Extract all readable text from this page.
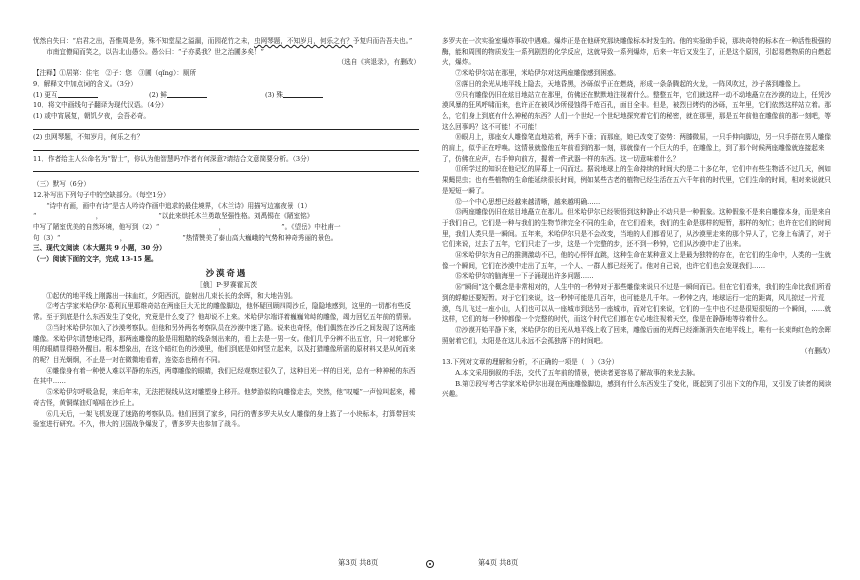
忧然自失曰：“启君之出，吾惟周是务，殊不知堂屋之溢漏，而园花竹之未，虫网琴题，不知岁月，何乐之有？予复归而告吾夫也。”

市南宜僚闻而笑之，以告北山愚公。愚公曰：“子亦奚我？世之治圃多矣！”

（选自《宾退录》，有删改）

【注释】①居第：住宅　②子：您　③圃（qǐng）：厕所

9．解释文中加点词的含义。（3分）

(1) 更互	(2) 鲜	(3) 殊

10．将文中画线句子翻译为现代汉语。（4分）

(1) 或中宵展复，朝饥夕夜，会吾必奇。

(2) 虫网琴题，不知岁月，何乐之有？

11．作者给主人公命名为“智士”，你认为他智慧吗?作者有何深意?请结合文意简要分析。（3分）

（三）默写（6分）

12.补写出下列句子中的空缺部分。（每空1分）

“诗中有画，画中有诗”是古人吟诗作画中追求的最佳境界，《木兰诗》用描写边塞夜景（1）

“　　　　　　　　　，　　　　　　　　　”以此来烘托木兰勇敢坚强性格。刘禹锡在《陋室铭》

中写了陋室优美的自然环境，他写到（2）“　　　　　　　　　，　　　　　　　　　”。《望岳》中杜甫一

句（3）“　　　　　　　　　，　　　　　　　　　”热情赞美了泰山高大巍峨的气势和神奇秀丽的景色。

三、现代文阅读（本大题共 9 小题，30 分）

（一）阅读下面的文字，完成 13-15 题。

沙漠奇遇

［俄］P·罗赛霍瓦茨

①起伏的地平线上刚露出一抹血红，夕阳西沉，旋射出几束长长的余晖，和大地告别。

②考古学家米哈伊尔·葛利瓦里耶维奇站在两座巨大无比的雕像脚边，他怀疑回顾四周沙丘，隐隐地感到，这里的一切都有些反常。至于到底是什么东西发生了变化，究竟是什么变了？他却说不上来。米哈伊尔端详着巍巍耸峙的雕像，竭力回忆五年前的情景。

③当时米哈伊尔加入了沙漠考察队。但他和另外两名考察队员在沙漠中迷了路。说来也奇怪，他们偶然在沙丘之间发现了这两座雕像。米哈伊尔清楚地记得，那两座雕像的脸是用粗糙的线条刻出来的，看上去是一男一女。他们几乎分辨不出五官，只一对轮廓分明的眼睛显得格外醒目。根本想象出，在这个暗红色的沙漠里，他们到底是如何竖立起来，以及打猎雕像所需的原材料又是从何而来的呢？目光炯炯，不止是一对在微微地看着，连姿态也稍有不同。

④雕像身有着一种使人难以平静的东西，两尊雕像的眼睛，我们已经观察过很久了，这种目光一样的目光，总有一种神秘的东西在其中……

⑤米哈伊尔呼吸急促，来后年末，无法把视线从这对雕塑身上移开。他梦游似的向雕像走去，突然，他“叹嘘”一声惊叫起来，稀奇古怪，黄铜煤油灯嘻嘻在沙丘上。

⑥几天后，一架飞机发现了迷路的考察队员。他们回到了家乡，同行的曹多罗夫从女人雕像的身上拣了一小块标本，打算带回实验室进行研究。不久，伟大的卫国战争爆发了，曹多罗夫也参加了战斗。

多罗夫在一次实验室爆炸事故中遇难。爆炸正是在他研究那块雕像标本时发生的。他的实验助手说，那块奇特的标本在一种活性极强的酶，能和周围的物质发生一系列剧烈的化学反应，这就导致一系列爆炸，后来一年后又发生了，正是这个原因，引起易燃物质的自燃起火，爆炸。

⑦米哈伊尔站在那里，米哈伊尔对这两座雕像感到困惑。

⑧落日的余光从地平线上隐去，天地昏黑，沙砾似乎正在燃烧，形成一条条腾起的火龙，一阵风吹过，沙子落到雕像上。

⑨只有雕像仍旧在炫目地站立在那里，仿佛还在默默地注视着什么。整整五年，它们就这样一动不动地矗立在沙漠的边上，任凭沙漠风暴的狂风呼啸而来，也许正在被风沙所侵蚀得千疮百孔，面目全非。但是，被烈日烤灼的沙砾，五年里，它们依然这样站立着。那么，它们身上到底有什么神秘的东西？人们一个世纪一个世纪地探究着它们的秘密，就在那里，那是五年前他在雕像前的那一刻吧，等这么回事吗？这不可能！不可能！

⑩眼月上，那座女人雕像笔直地站着，两手下垂；而那座，她已改变了姿势：两膝微屈，一只手伸向脚边，另一只手搭在男人雕像的肩上，似乎正在呼唤。这情景就像他五年前看到的那一刻，那就像有一个巨大的手，在雕像上，到了那个时候两座雕像就连接起来了，仿佛在应声，右手伸向前方，握着一件武器一样的东西。这一切意味着什么？

⑪所学过的知识在他记忆的屏幕上一闪而过。据说地球上的生命持续的时间大约是二十多亿年，它们中有些生物活不过几天，例如果蝇昆虫；也有些植物的生命能延续很长时间，例如某些古老的植物已经生活在五六千年前的时代里，它们生命的时间，相对来说就只是短短一瞬了。

⑫一个中心思想已经越来越清晰，越来越明确……

⑬两座雕像仍旧在炫目地矗立在那儿。但米哈伊尔已经领悟到这种静止不动只是一种假象。这种假象不是来自雕像本身，而是来自于我们自己，它们是一种与我们的生物节律完全不同的生命，在它们看来，我们的生命是那样的短暂，那样的匆忙；也许在它们的时间里，我们人类只是一瞬间。五年来，米哈伊尔只是不会改变，当地的人们都看见了，从沙漠里走来的那个异人了，它身上布满了，对于它们来说，过去了五年，它们只走了一步，这是一个完整的步，还不到一秒钟，它们从沙漠中走了出来。

⑭米哈伊尔为自己的推测激动不已，他的心怦怦直跳，这种生命在某种意义上是最为独特的存在，在它们的生命中，人类的一生就像一个瞬间，它们在沙漠中走出了五年，一个人、一群人都已经死了。他对自己说，也许它们也会发现我们……

⑮米哈伊尔的脑海里一下子涌现出许多问题……

⑯“瞬间”这个概念是非常相对的，人生中的一秒钟对于那些雕像来说只不过是一瞬间而已。但在它们看来，我们的生命比我们所看到的蜉蝣还要短暂。对于它们来说，这一秒钟可能是几百年，也可能是几千年。一秒钟之内，地球运行一定的距离，风儿掠过一片荒漠，鸟儿飞过一座小山，人们也可以从一座城市到达另一座城市，而对它们来说，它们的一生中也不过是很短很短的一个瞬间，……就这样，它们的每一秒钟都像一个完整的时代，而这个时代它们都在专心地注视着天空，像是在静静地等待着什么。

⑰沙漠开始平静下来，米哈伊尔的目光从地平线上收了回来，雕像后面的光辉已经渐渐消失在地平线上，唯有一长束绚红色的余晖照射着它们，太阳是在这儿永远不会孤独落下的时间吧。

（有删改）

13.下列对文章的理解和分析，不正确的一项是（　）（3分）

A.本文采用倒叙的手法，交代了五年前的情景，使读者更容易了解故事的来龙去脉。

B.第②段写考古学家米哈伊尔出现在两座雕像脚边，感到有什么东西发生了变化，既起到了引出下文的作用，又引发了读者的阅读兴趣。

第3页 共8页	第4页 共8页
